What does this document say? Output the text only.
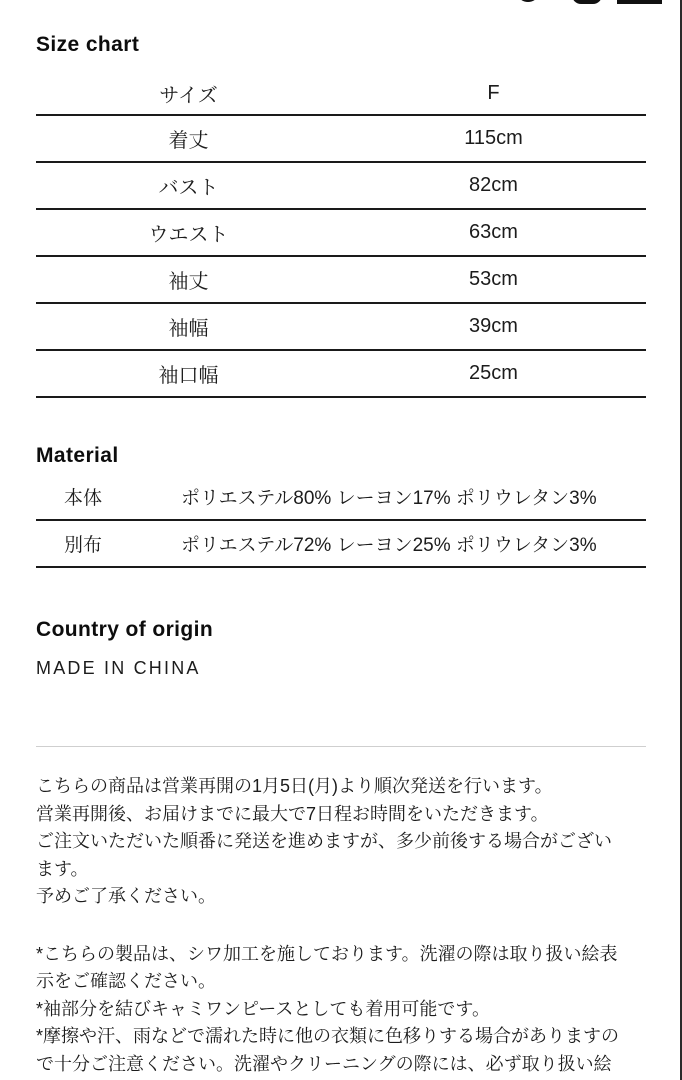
Size chart
サイズ	F
着丈	115cm
バスト	82cm
ウエスト	63cm
袖丈	53cm
袖幅	39cm
袖口幅	25cm
Material
本体	ポリエステル80% レーヨン17% ポリウレタン3%
別布	ポリエステル72% レーヨン25% ポリウレタン3%
Country of origin
MADE IN CHINA
こちらの商品は営業再開の1月5日(月)より順次発送を行います。
営業再開後、お届けまでに最大で7日程お時間をいただきます。
ご注文いただいた順番に発送を進めますが、多少前後する場合がござい
ます。
予めご了承ください。
*こちらの製品は、シワ加工を施しております。洗濯の際は取り扱い絵表
示をご確認ください。
*袖部分を結びキャミワンピースとしても着用可能です。
*摩擦や汗、雨などで濡れた時に他の衣類に色移りする場合がありますの
で十分ご注意ください。洗濯やクリーニングの際には、必ず取り扱い絵
